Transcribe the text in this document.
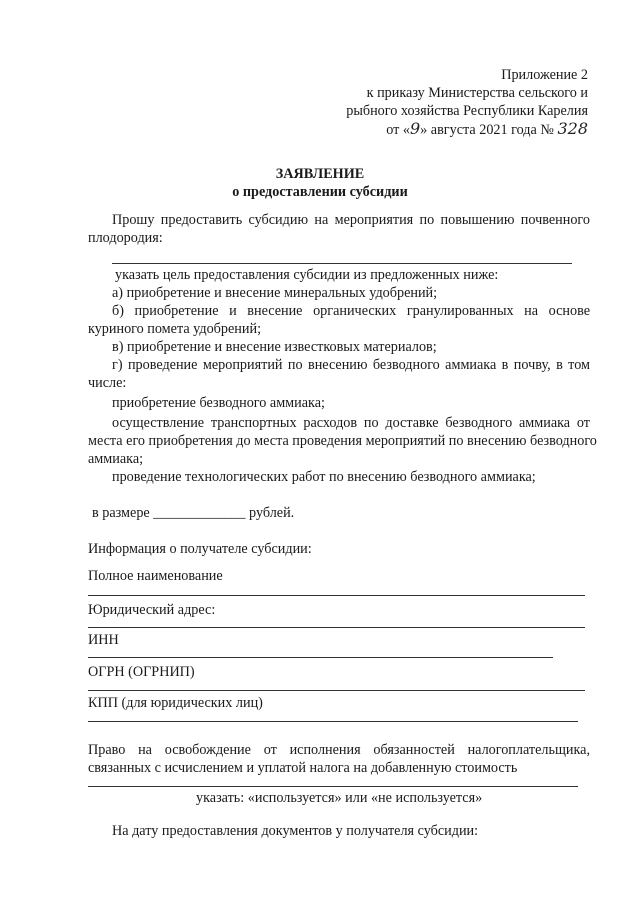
Приложение 2
к приказу Министерства сельского и
рыбного хозяйства Республики Карелия
от «9» августа 2021 года № 328
ЗАЯВЛЕНИЕ
о предоставлении субсидии
Прошу предоставить субсидию на мероприятия по повышению почвенного
плодородия:
указать цель предоставления субсидии из предложенных ниже:
а) приобретение и внесение минеральных удобрений;
б) приобретение и внесение органических гранулированных на основе
куриного помета удобрений;
в) приобретение и внесение известковых материалов;
г) проведение мероприятий по внесению безводного аммиака в почву, в том
числе:
приобретение безводного аммиака;
осуществление транспортных расходов по доставке безводного аммиака от
места его приобретения до места проведения мероприятий по внесению безводного
аммиака;
проведение технологических работ по внесению безводного аммиака;
в размере _____________ рублей.
Информация о получателе субсидии:
Полное наименование
Юридический адрес:
ИНН
ОГРН (ОГРНИП)
КПП (для юридических лиц)
Право на освобождение от исполнения обязанностей налогоплательщика,
связанных с исчислением и уплатой налога на добавленную стоимость
указать: «используется» или «не используется»
На дату предоставления документов у получателя субсидии:
